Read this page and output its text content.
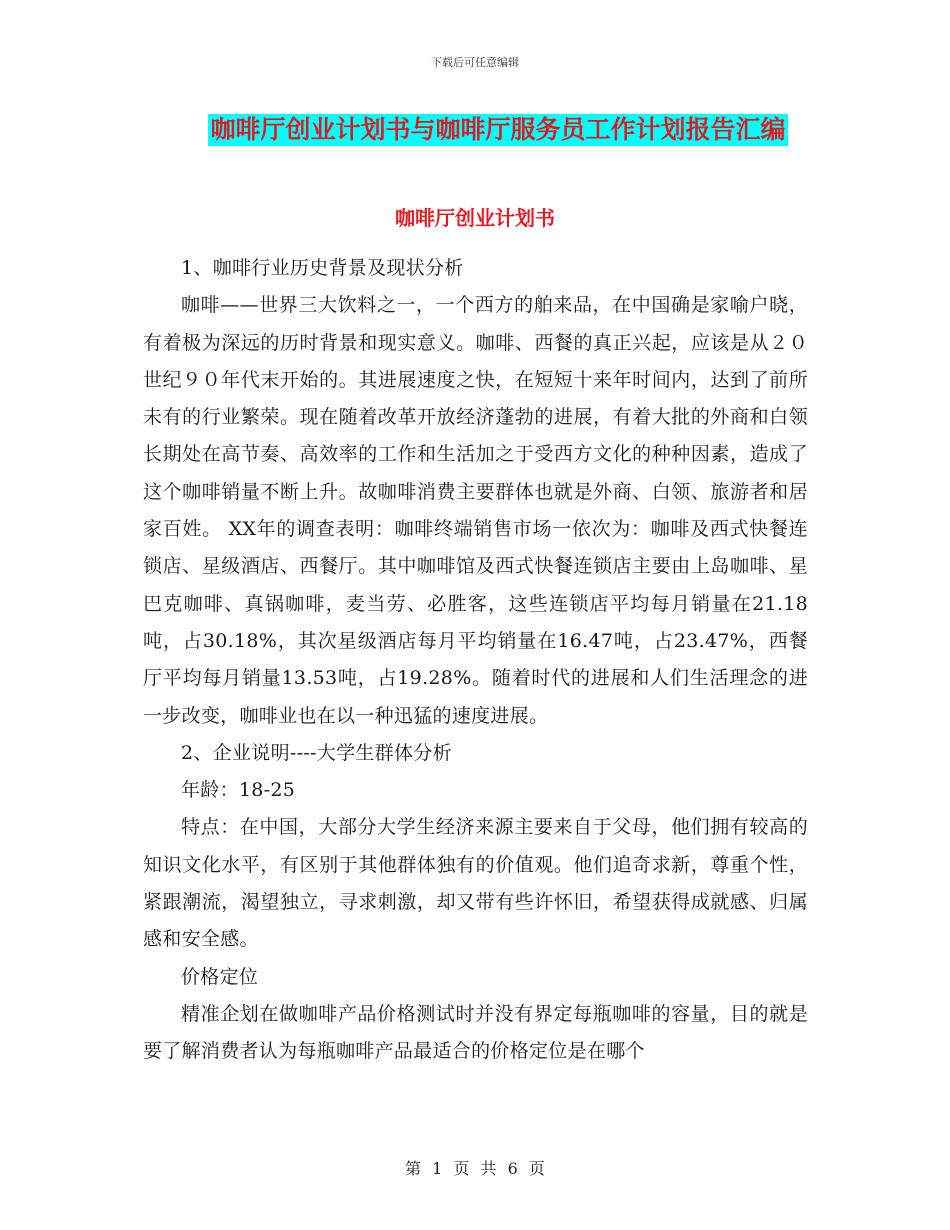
下载后可任意编辑
咖啡厅创业计划书与咖啡厅服务员工作计划报告汇编
咖啡厅创业计划书

1、咖啡行业历史背景及现状分析

咖啡——世界三大饮料之一，一个西方的舶来品，在中国确是家喻户晓，有着极为深远的历时背景和现实意义。咖啡、西餐的真正兴起，应该是从２０世纪９０年代末开始的。其进展速度之快，在短短十来年时间内，达到了前所未有的行业繁荣。现在随着改革开放经济蓬勃的进展，有着大批的外商和白领长期处在高节奏、高效率的工作和生活加之于受西方文化的种种因素，造成了这个咖啡销量不断上升。故咖啡消费主要群体也就是外商、白领、旅游者和居家百姓。 XX年的调查表明：咖啡终端销售市场一依次为：咖啡及西式快餐连锁店、星级酒店、西餐厅。其中咖啡馆及西式快餐连锁店主要由上岛咖啡、星巴克咖啡、真锅咖啡，麦当劳、必胜客，这些连锁店平均每月销量在21.18吨，占30.18%，其次星级酒店每月平均销量在16.47吨，占23.47%，西餐厅平均每月销量13.53吨，占19.28%。随着时代的进展和人们生活理念的进一步改变，咖啡业也在以一种迅猛的速度进展。

2、企业说明----大学生群体分析

年龄：18-25

特点：在中国，大部分大学生经济来源主要来自于父母，他们拥有较高的知识文化水平，有区别于其他群体独有的价值观。他们追奇求新，尊重个性，紧跟潮流，渴望独立，寻求刺激，却又带有些许怀旧，希望获得成就感、归属感和安全感。

价格定位

精准企划在做咖啡产品价格测试时并没有界定每瓶咖啡的容量，目的就是要了解消费者认为每瓶咖啡产品最适合的价格定位是在哪个

第 1 页 共 6 页
